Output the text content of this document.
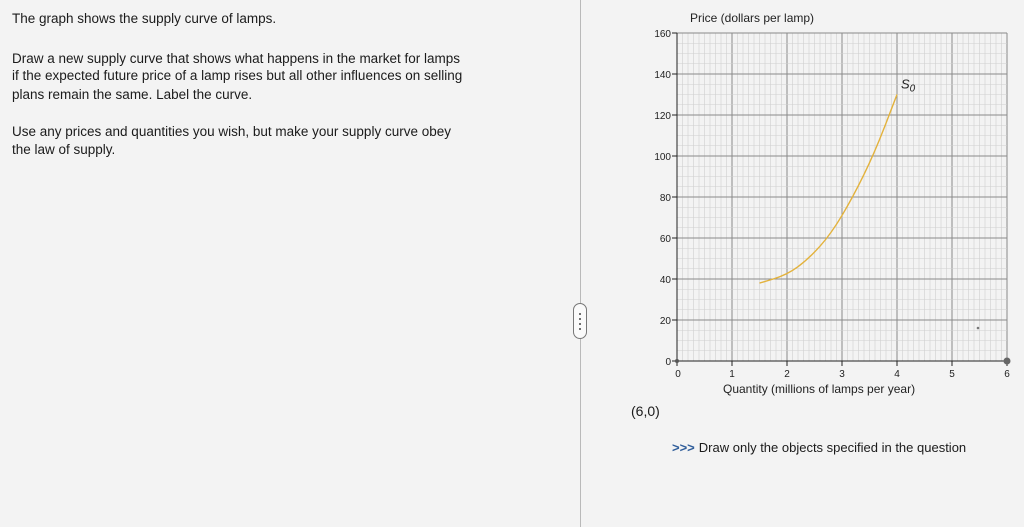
The graph shows the supply curve of lamps.

Draw a new supply curve that shows what happens in the market for lamps

if the expected future price of a lamp rises but all other influences on selling

plans remain the same. Label the curve.

Use any prices and quantities you wish, but make your supply curve obey

the law of supply.

0
20
40
60
80
100
120
140
160
0	1	2	3	4	5	6
$S_0$
Price (dollars per lamp)
Quantity (millions of lamps per year)
(6,0)
>>> Draw only the objects specified in the question
